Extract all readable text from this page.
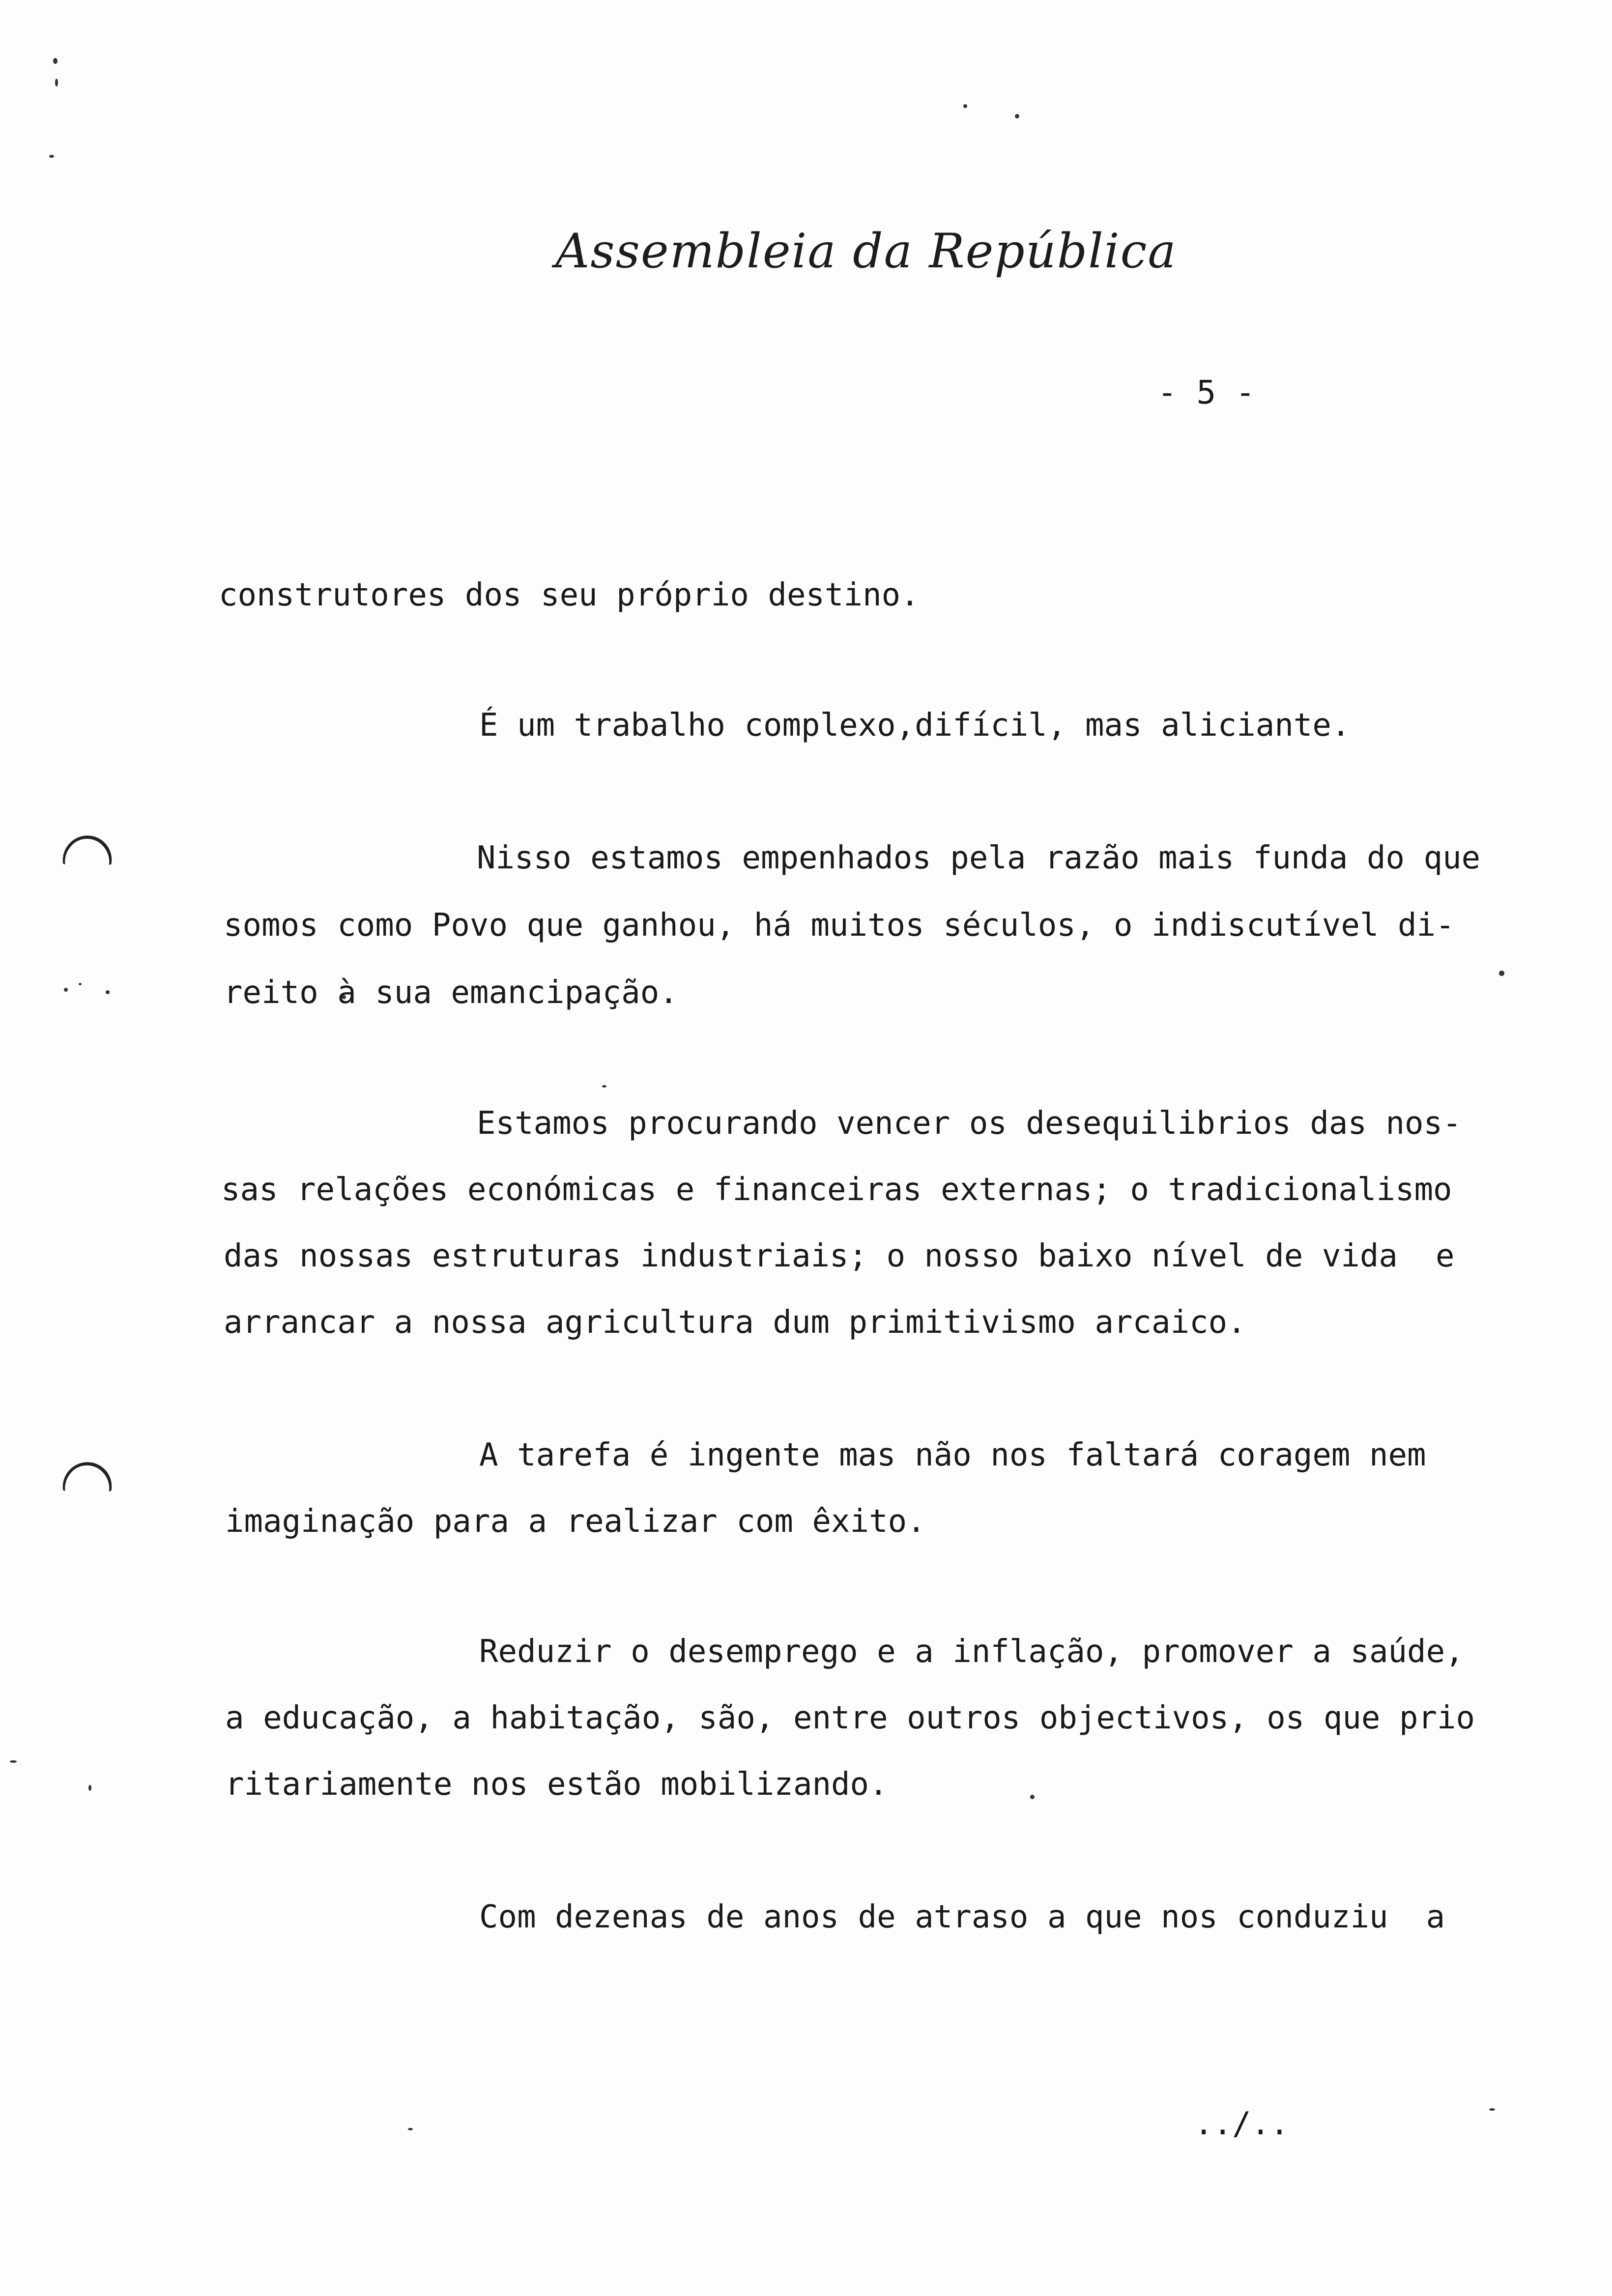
Assembleia da República
- 5 -
construtores dos seu próprio destino.
É um trabalho complexo,difícil, mas aliciante.
Nisso estamos empenhados pela razão mais funda do que
somos como Povo que ganhou, há muitos séculos, o indiscutível di-
reito à sua emancipação.
Estamos procurando vencer os desequilibrios das nos-
sas relações económicas e financeiras externas; o tradicionalismo
das nossas estruturas industriais; o nosso baixo nível de vida  e
arrancar a nossa agricultura dum primitivismo arcaico.
A tarefa é ingente mas não nos faltará coragem nem
imaginação para a realizar com êxito.
Reduzir o desemprego e a inflação, promover a saúde,
a educação, a habitação, são, entre outros objectivos, os que prio
ritariamente nos estão mobilizando.
Com dezenas de anos de atraso a que nos conduziu  a
../..
